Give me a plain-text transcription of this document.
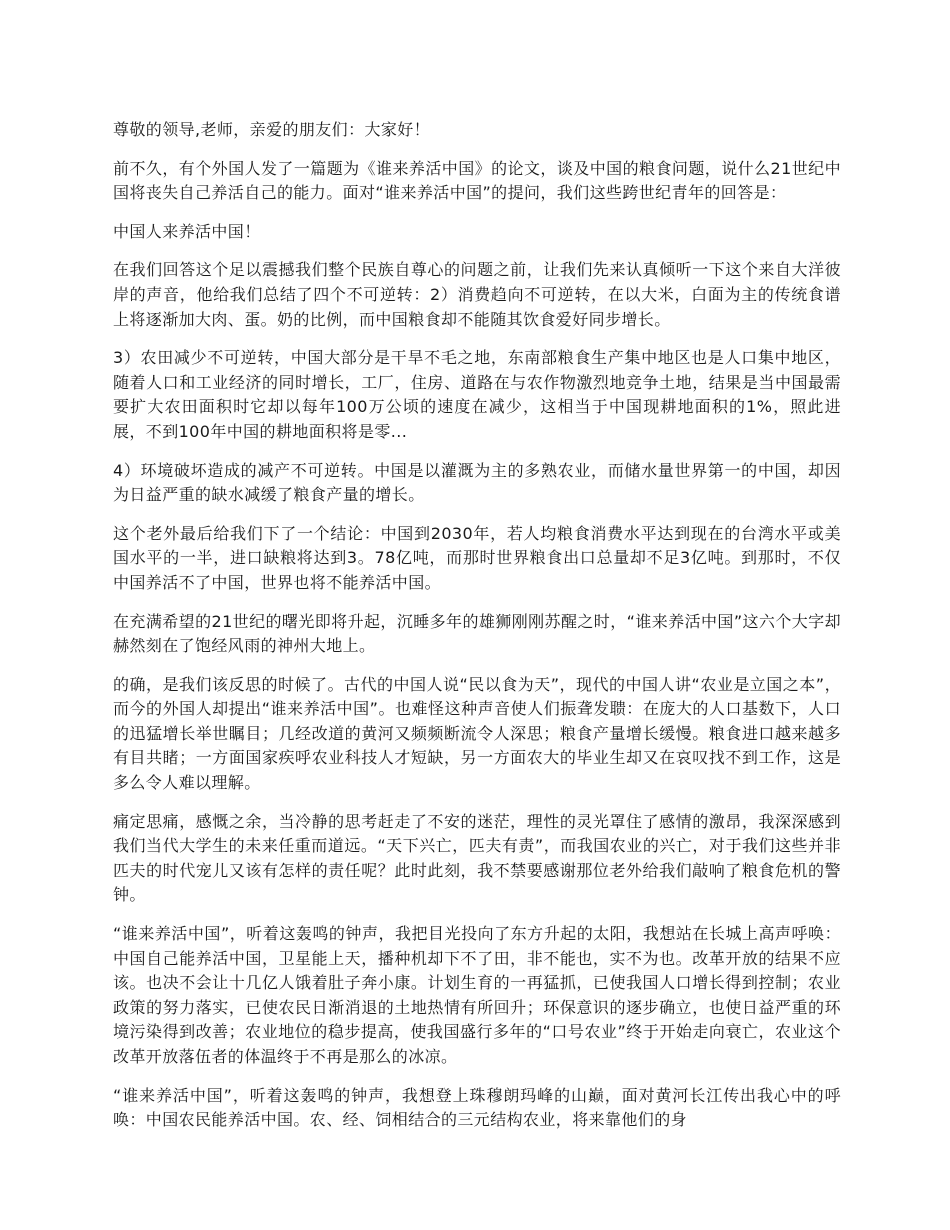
尊敬的领导,老师，亲爱的朋友们：大家好！

前不久，有个外国人发了一篇题为《谁来养活中国》的论文，谈及中国的粮食问题，说什么21世纪中国将丧失自己养活自己的能力。面对“谁来养活中国”的提问，我们这些跨世纪青年的回答是：

中国人来养活中国！

在我们回答这个足以震撼我们整个民族自尊心的问题之前，让我们先来认真倾听一下这个来自大洋彼岸的声音，他给我们总结了四个不可逆转：2）消费趋向不可逆转，在以大米，白面为主的传统食谱上将逐渐加大肉、蛋。奶的比例，而中国粮食却不能随其饮食爱好同步增长。

3）农田减少不可逆转，中国大部分是干旱不毛之地，东南部粮食生产集中地区也是人口集中地区，随着人口和工业经济的同时增长，工厂，住房、道路在与农作物激烈地竞争土地，结果是当中国最需要扩大农田面积时它却以每年100万公顷的速度在减少，这相当于中国现耕地面积的1%，照此进展，不到100年中国的耕地面积将是零...

4）环境破坏造成的减产不可逆转。中国是以灌溉为主的多熟农业，而储水量世界第一的中国，却因为日益严重的缺水减缓了粮食产量的增长。

这个老外最后给我们下了一个结论：中国到2030年，若人均粮食消费水平达到现在的台湾水平或美国水平的一半，进口缺粮将达到3。78亿吨，而那时世界粮食出口总量却不足3亿吨。到那时，不仅中国养活不了中国，世界也将不能养活中国。

在充满希望的21世纪的曙光即将升起，沉睡多年的雄狮刚刚苏醒之时，“谁来养活中国”这六个大字却赫然刻在了饱经风雨的神州大地上。

的确，是我们该反思的时候了。古代的中国人说“民以食为天”，现代的中国人讲“农业是立国之本”，而今的外国人却提出“谁来养活中国”。也难怪这种声音使人们振聋发聩：在庞大的人口基数下，人口的迅猛增长举世瞩目；几经改道的黄河又频频断流令人深思；粮食产量增长缓慢。粮食进口越来越多有目共睹；一方面国家疾呼农业科技人才短缺，另一方面农大的毕业生却又在哀叹找不到工作，这是多么令人难以理解。

痛定思痛，感慨之余，当冷静的思考赶走了不安的迷茫，理性的灵光罩住了感情的激昂，我深深感到我们当代大学生的未来任重而道远。“天下兴亡，匹夫有责”，而我国农业的兴亡，对于我们这些并非匹夫的时代宠儿又该有怎样的责任呢？此时此刻，我不禁要感谢那位老外给我们敲响了粮食危机的警钟。

“谁来养活中国”，听着这轰鸣的钟声，我把目光投向了东方升起的太阳，我想站在长城上高声呼唤：中国自己能养活中国，卫星能上天，播种机却下不了田，非不能也，实不为也。改革开放的结果不应该。也决不会让十几亿人饿着肚子奔小康。计划生育的一再猛抓，已使我国人口增长得到控制；农业政策的努力落实，已使农民日渐消退的土地热情有所回升；环保意识的逐步确立，也使日益严重的环境污染得到改善；农业地位的稳步提高，使我国盛行多年的“口号农业”终于开始走向衰亡，农业这个改革开放落伍者的体温终于不再是那么的冰凉。

“谁来养活中国”，听着这轰鸣的钟声，我想登上珠穆朗玛峰的山巅，面对黄河长江传出我心中的呼唤：中国农民能养活中国。农、经、饲相结合的三元结构农业，将来靠他们的身
